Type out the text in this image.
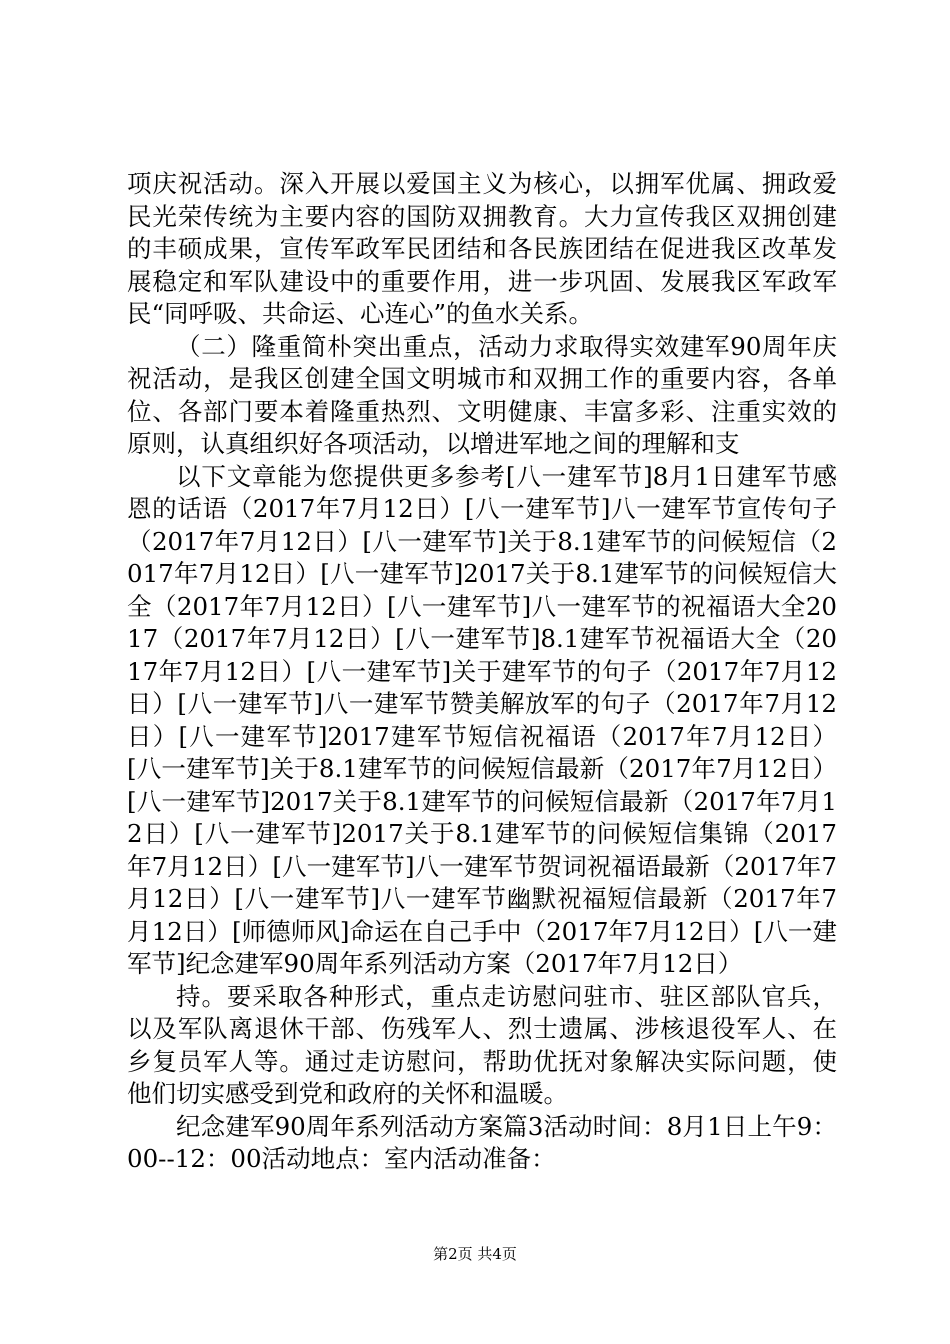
项庆祝活动。深入开展以爱国主义为核心，以拥军优属、拥政爱民光荣传统为主要内容的国防双拥教育。大力宣传我区双拥创建的丰硕成果，宣传军政军民团结和各民族团结在促进我区改革发展稳定和军队建设中的重要作用，进一步巩固、发展我区军政军民“同呼吸、共命运、心连心”的鱼水关系。

（二）隆重简朴突出重点，活动力求取得实效建军90周年庆祝活动，是我区创建全国文明城市和双拥工作的重要内容，各单位、各部门要本着隆重热烈、文明健康、丰富多彩、注重实效的原则，认真组织好各项活动，以增进军地之间的理解和支

以下文章能为您提供更多参考[八一建军节]8月1日建军节感恩的话语（2017年7月12日）[八一建军节]八一建军节宣传句子（2017年7月12日）[八一建军节]关于8.1建军节的问候短信（2017年7月12日）[八一建军节]2017关于8.1建军节的问候短信大全（2017年7月12日）[八一建军节]八一建军节的祝福语大全2017（2017年7月12日）[八一建军节]8.1建军节祝福语大全（2017年7月12日）[八一建军节]关于建军节的句子（2017年7月12日）[八一建军节]八一建军节赞美解放军的句子（2017年7月12日）[八一建军节]2017建军节短信祝福语（2017年7月12日）[八一建军节]关于8.1建军节的问候短信最新（2017年7月12日）[八一建军节]2017关于8.1建军节的问候短信最新（2017年7月12日）[八一建军节]2017关于8.1建军节的问候短信集锦（2017年7月12日）[八一建军节]八一建军节贺词祝福语最新（2017年7月12日）[八一建军节]八一建军节幽默祝福短信最新（2017年7月12日）[师德师风]命运在自己手中（2017年7月12日）[八一建军节]纪念建军90周年系列活动方案（2017年7月12日）

持。要采取各种形式，重点走访慰问驻市、驻区部队官兵，以及军队离退休干部、伤残军人、烈士遗属、涉核退役军人、在乡复员军人等。通过走访慰问，帮助优抚对象解决实际问题，使他们切实感受到党和政府的关怀和温暖。

纪念建军90周年系列活动方案篇3活动时间：8月1日上午9：00--12：00活动地点：室内活动准备：

第2页 共4页
